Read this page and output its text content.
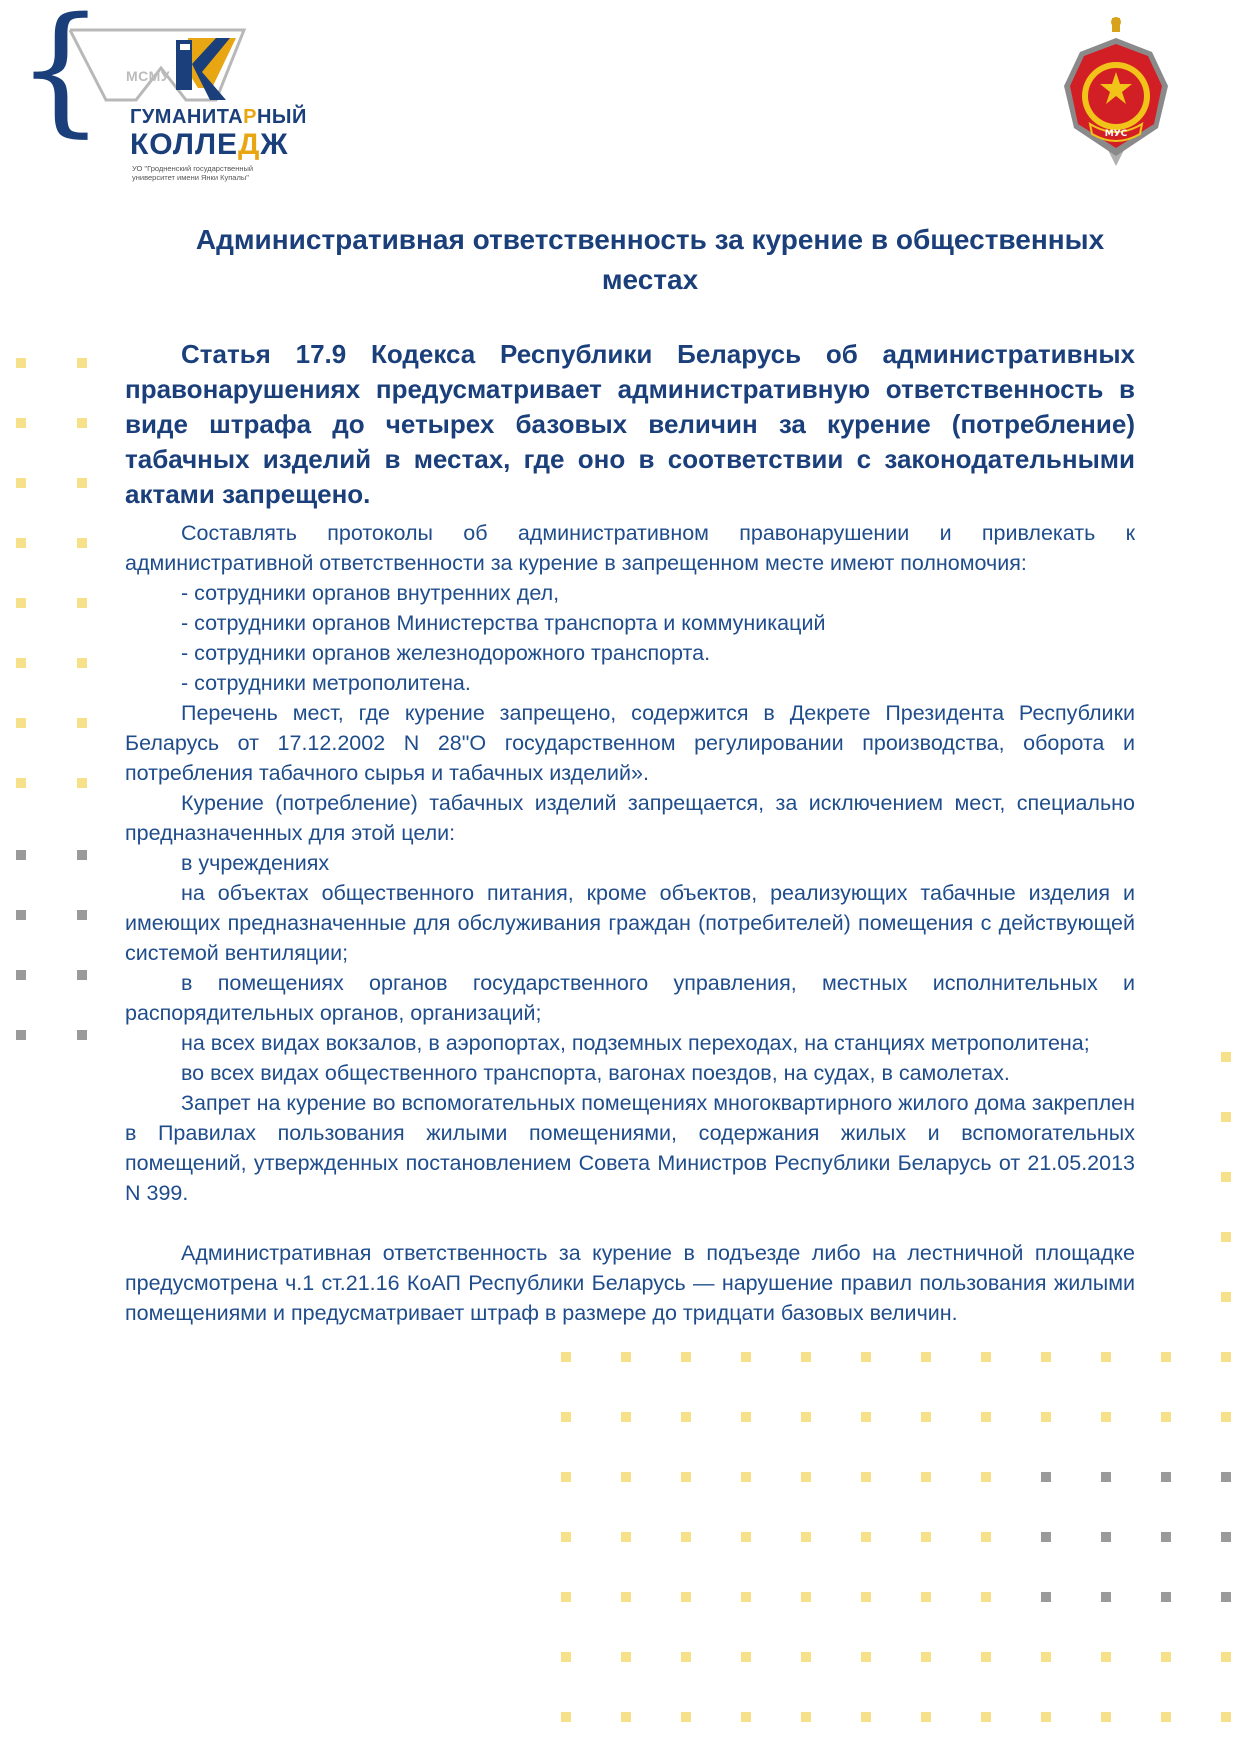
{ МСМУ
ГУМАНИТАРНЫЙ
КОЛЛЕДЖ
УО "Гродненский государственный университет имени Янки Купалы"
МУС
Административная ответственность за курение в общественных местах

Статья 17.9 Кодекса Республики Беларусь об административных правонарушениях предусматривает административную ответственность в виде штрафа до четырех базовых величин за курение (потребление) табачных изделий в местах, где оно в соответствии с законодательными актами запрещено.

Составлять протоколы об административном правонарушении и привлекать к административной ответственности за курение в запрещенном месте имеют полномочия:

- сотрудники органов внутренних дел,

- сотрудники органов Министерства транспорта и коммуникаций

- сотрудники органов железнодорожного транспорта.

- сотрудники метрополитена.

Перечень мест, где курение запрещено, содержится в Декрете Президента Республики Беларусь от 17.12.2002 N 28"О государственном регулировании производства, оборота и потребления табачного сырья и табачных изделий».

Курение (потребление) табачных изделий запрещается, за исключением мест, специально предназначенных для этой цели:

в учреждениях

на объектах общественного питания, кроме объектов, реализующих табачные изделия и имеющих предназначенные для обслуживания граждан (потребителей) помещения с действующей системой вентиляции;

в помещениях органов государственного управления, местных исполнительных и распорядительных органов, организаций;

на всех видах вокзалов, в аэропортах, подземных переходах, на станциях метрополитена;

во всех видах общественного транспорта, вагонах поездов, на судах, в самолетах.

Запрет на курение во вспомогательных помещениях многоквартирного жилого дома закреплен в Правилах пользования жилыми помещениями, содержания жилых и вспомогательных помещений, утвержденных постановлением Совета Министров Республики Беларусь от 21.05.2013 N 399.

Административная ответственность за курение в подъезде либо на лестничной площадке предусмотрена ч.1 ст.21.16 КоАП Республики Беларусь — нарушение правил пользования жилыми помещениями и предусматривает штраф в размере до тридцати базовых величин.
